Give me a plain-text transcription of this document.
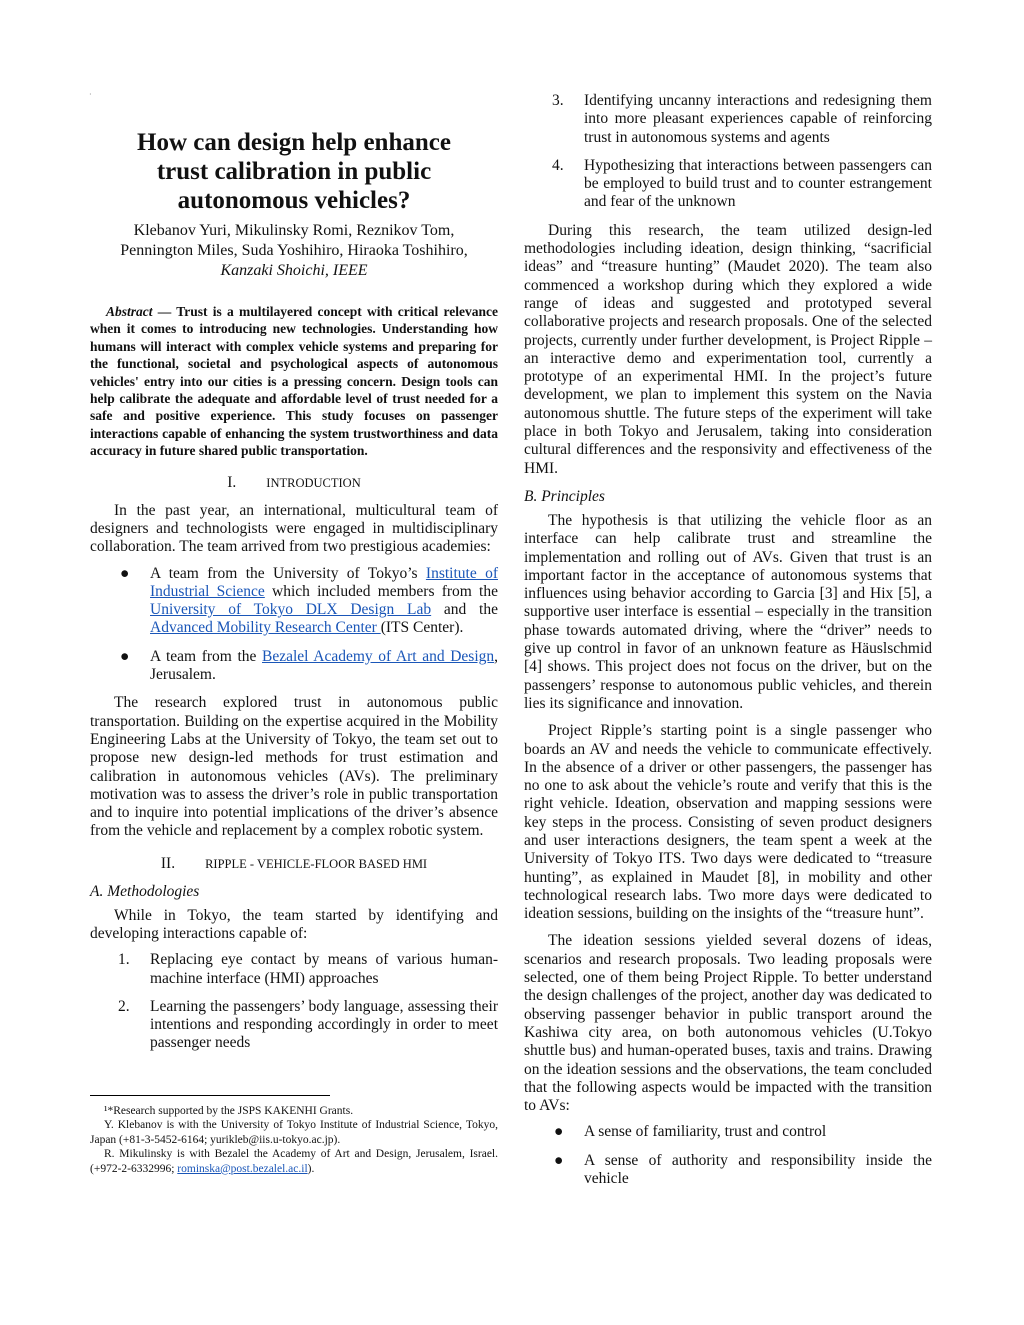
·
How can design help enhance trust calibration in public autonomous vehicles?
Klebanov Yuri, Mikulinsky Romi, Reznikov Tom,
Pennington Miles, Suda Yoshihiro, Hiraoka Toshihiro,
Kanzaki Shoichi, IEEE

Abstract — Trust is a multilayered concept with critical relevance when it comes to introducing new technologies. Understanding how humans will interact with complex vehicle systems and preparing for the functional, societal and psychological aspects of autonomous vehicles' entry into our cities is a pressing concern. Design tools can help calibrate the adequate and affordable level of trust needed for a safe and positive experience. This study focuses on passenger interactions capable of enhancing the system trustworthiness and data accuracy in future shared public transportation.

I. INTRODUCTION

In the past year, an international, multicultural team of designers and technologists were engaged in multidisciplinary collaboration. The team arrived from two prestigious academies:

● A team from the University of Tokyo’s Institute of Industrial Science which included members from the University of Tokyo DLX Design Lab and the Advanced Mobility Research Center (ITS Center).
● A team from the Bezalel Academy of Art and Design, Jerusalem.

The research explored trust in autonomous public transportation. Building on the expertise acquired in the Mobility Engineering Labs at the University of Tokyo, the team set out to propose new design-led methods for trust estimation and calibration in autonomous vehicles (AVs). The preliminary motivation was to assess the driver’s role in public transportation and to inquire into potential implications of the driver’s absence from the vehicle and replacement by a complex robotic system.

II. RIPPLE - VEHICLE-FLOOR BASED HMI
A. Methodologies

While in Tokyo, the team started by identifying and developing interactions capable of:

1. Replacing eye contact by means of various human-machine interface (HMI) approaches
2. Learning the passengers’ body language, assessing their intentions and responding accordingly in order to meet passenger needs

¹*Research supported by the JSPS KAKENHI Grants.

Y. Klebanov is with the University of Tokyo Institute of Industrial Science, Tokyo, Japan (+81-3-5452-6164; yurikleb@iis.u-tokyo.ac.jp).

R. Mikulinsky is with Bezalel the Academy of Art and Design, Jerusalem, Israel. (+972-2-6332996; rominska@post.bezalel.ac.il).

3. Identifying uncanny interactions and redesigning them into more pleasant experiences capable of reinforcing trust in autonomous systems and agents
4. Hypothesizing that interactions between passengers can be employed to build trust and to counter estrangement and fear of the unknown

During this research, the team utilized design-led methodologies including ideation, design thinking, “sacrificial ideas” and “treasure hunting” (Maudet 2020). The team also commenced a workshop during which they explored a wide range of ideas and suggested and prototyped several collaborative projects and research proposals. One of the selected projects, currently under further development, is Project Ripple – an interactive demo and experimentation tool, currently a prototype of an experimental HMI. In the project’s future development, we plan to implement this system on the Navia autonomous shuttle. The future steps of the experiment will take place in both Tokyo and Jerusalem, taking into consideration cultural differences and the responsivity and effectiveness of the HMI.

B. Principles

The hypothesis is that utilizing the vehicle floor as an interface can help calibrate trust and streamline the implementation and rolling out of AVs. Given that trust is an important factor in the acceptance of autonomous systems that influences using behavior according to Garcia [3] and Hix [5], a supportive user interface is essential – especially in the transition phase towards automated driving, where the “driver” needs to give up control in favor of an unknown feature as Häuslschmid [4] shows. This project does not focus on the driver, but on the passengers’ response to autonomous public vehicles, and therein lies its significance and innovation.

Project Ripple’s starting point is a single passenger who boards an AV and needs the vehicle to communicate effectively. In the absence of a driver or other passengers, the passenger has no one to ask about the vehicle’s route and verify that this is the right vehicle. Ideation, observation and mapping sessions were key steps in the process. Consisting of seven product designers and user interactions designers, the team spent a week at the University of Tokyo ITS. Two days were dedicated to “treasure hunting”, as explained in Maudet [8], in mobility and other technological research labs. Two more days were dedicated to ideation sessions, building on the insights of the “treasure hunt”.

The ideation sessions yielded several dozens of ideas, scenarios and research proposals. Two leading proposals were selected, one of them being Project Ripple. To better understand the design challenges of the project, another day was dedicated to observing passenger behavior in public transport around the Kashiwa city area, on both autonomous vehicles (U.Tokyo shuttle bus) and human-operated buses, taxis and trains. Drawing on the ideation sessions and the observations, the team concluded that the following aspects would be impacted with the transition to AVs:

● A sense of familiarity, trust and control
● A sense of authority and responsibility inside the vehicle
